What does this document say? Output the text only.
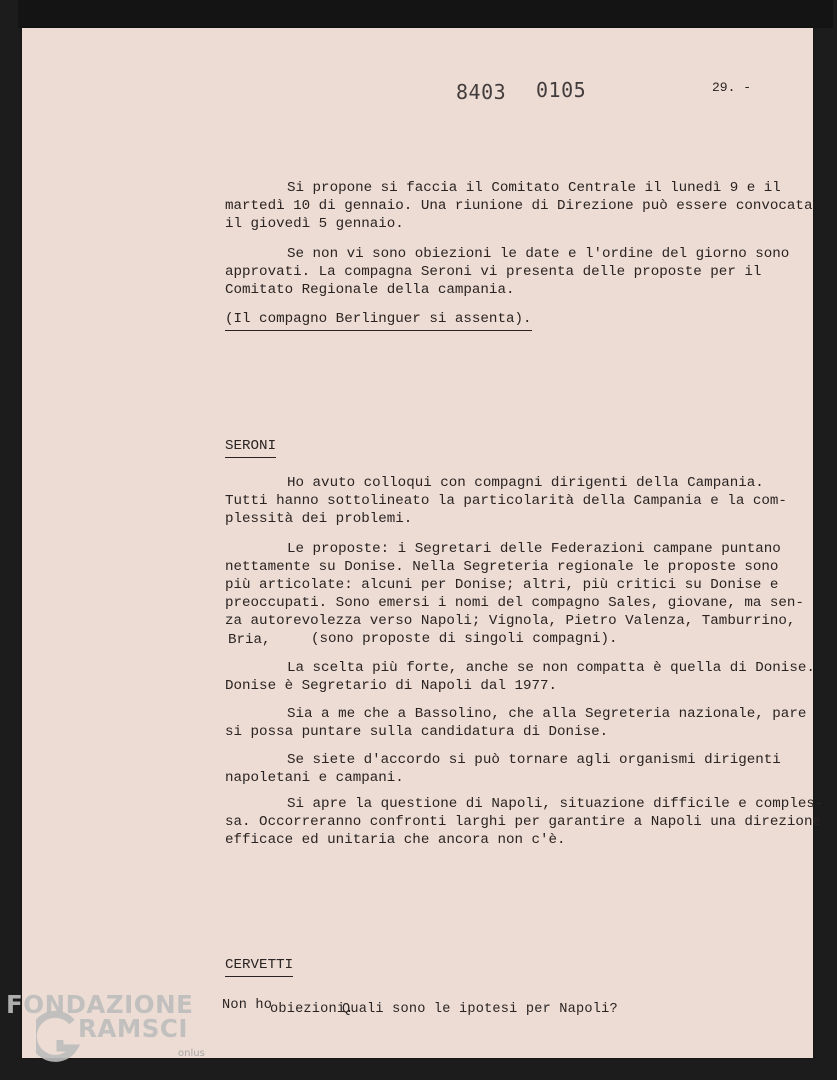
8403 0105	29. -
Si propone si faccia il Comitato Centrale il lunedì 9 e il
martedì 10 di gennaio. Una riunione di Direzione può essere convocata
il giovedì 5 gennaio.
Se non vi sono obiezioni le date e l'ordine del giorno sono
approvati. La compagna Seroni vi presenta delle proposte per il
Comitato Regionale della campania.
(Il compagno Berlinguer si assenta).
SERONI
Ho avuto colloqui con compagni dirigenti della Campania.
Tutti hanno sottolineato la particolarità della Campania e la com-
plessità dei problemi.
Le proposte: i Segretari delle Federazioni campane puntano
nettamente su Donise. Nella Segreteria regionale le proposte sono
più articolate: alcuni per Donise; altri, più critici su Donise e
preoccupati. Sono emersi i nomi del compagno Sales, giovane, ma sen-
za autorevolezza verso Napoli; Vignola, Pietro Valenza, Tamburrino,
Bria,	(sono proposte di singoli compagni).
La scelta più forte, anche se non compatta è quella di Donise.
Donise è Segretario di Napoli dal 1977.
Sia a me che a Bassolino, che alla Segreteria nazionale, pare
si possa puntare sulla candidatura di Donise.
Se siete d'accordo si può tornare agli organismi dirigenti
napoletani e campani.
Si apre la questione di Napoli, situazione difficile e comples-
sa. Occorreranno confronti larghi per garantire a Napoli una direzione
efficace ed unitaria che ancora non c'è.
CERVETTI
Non ho
obiezioni.
Quali sono le ipotesi per Napoli?
FONDAZIONE
RAMSCI
onlus
